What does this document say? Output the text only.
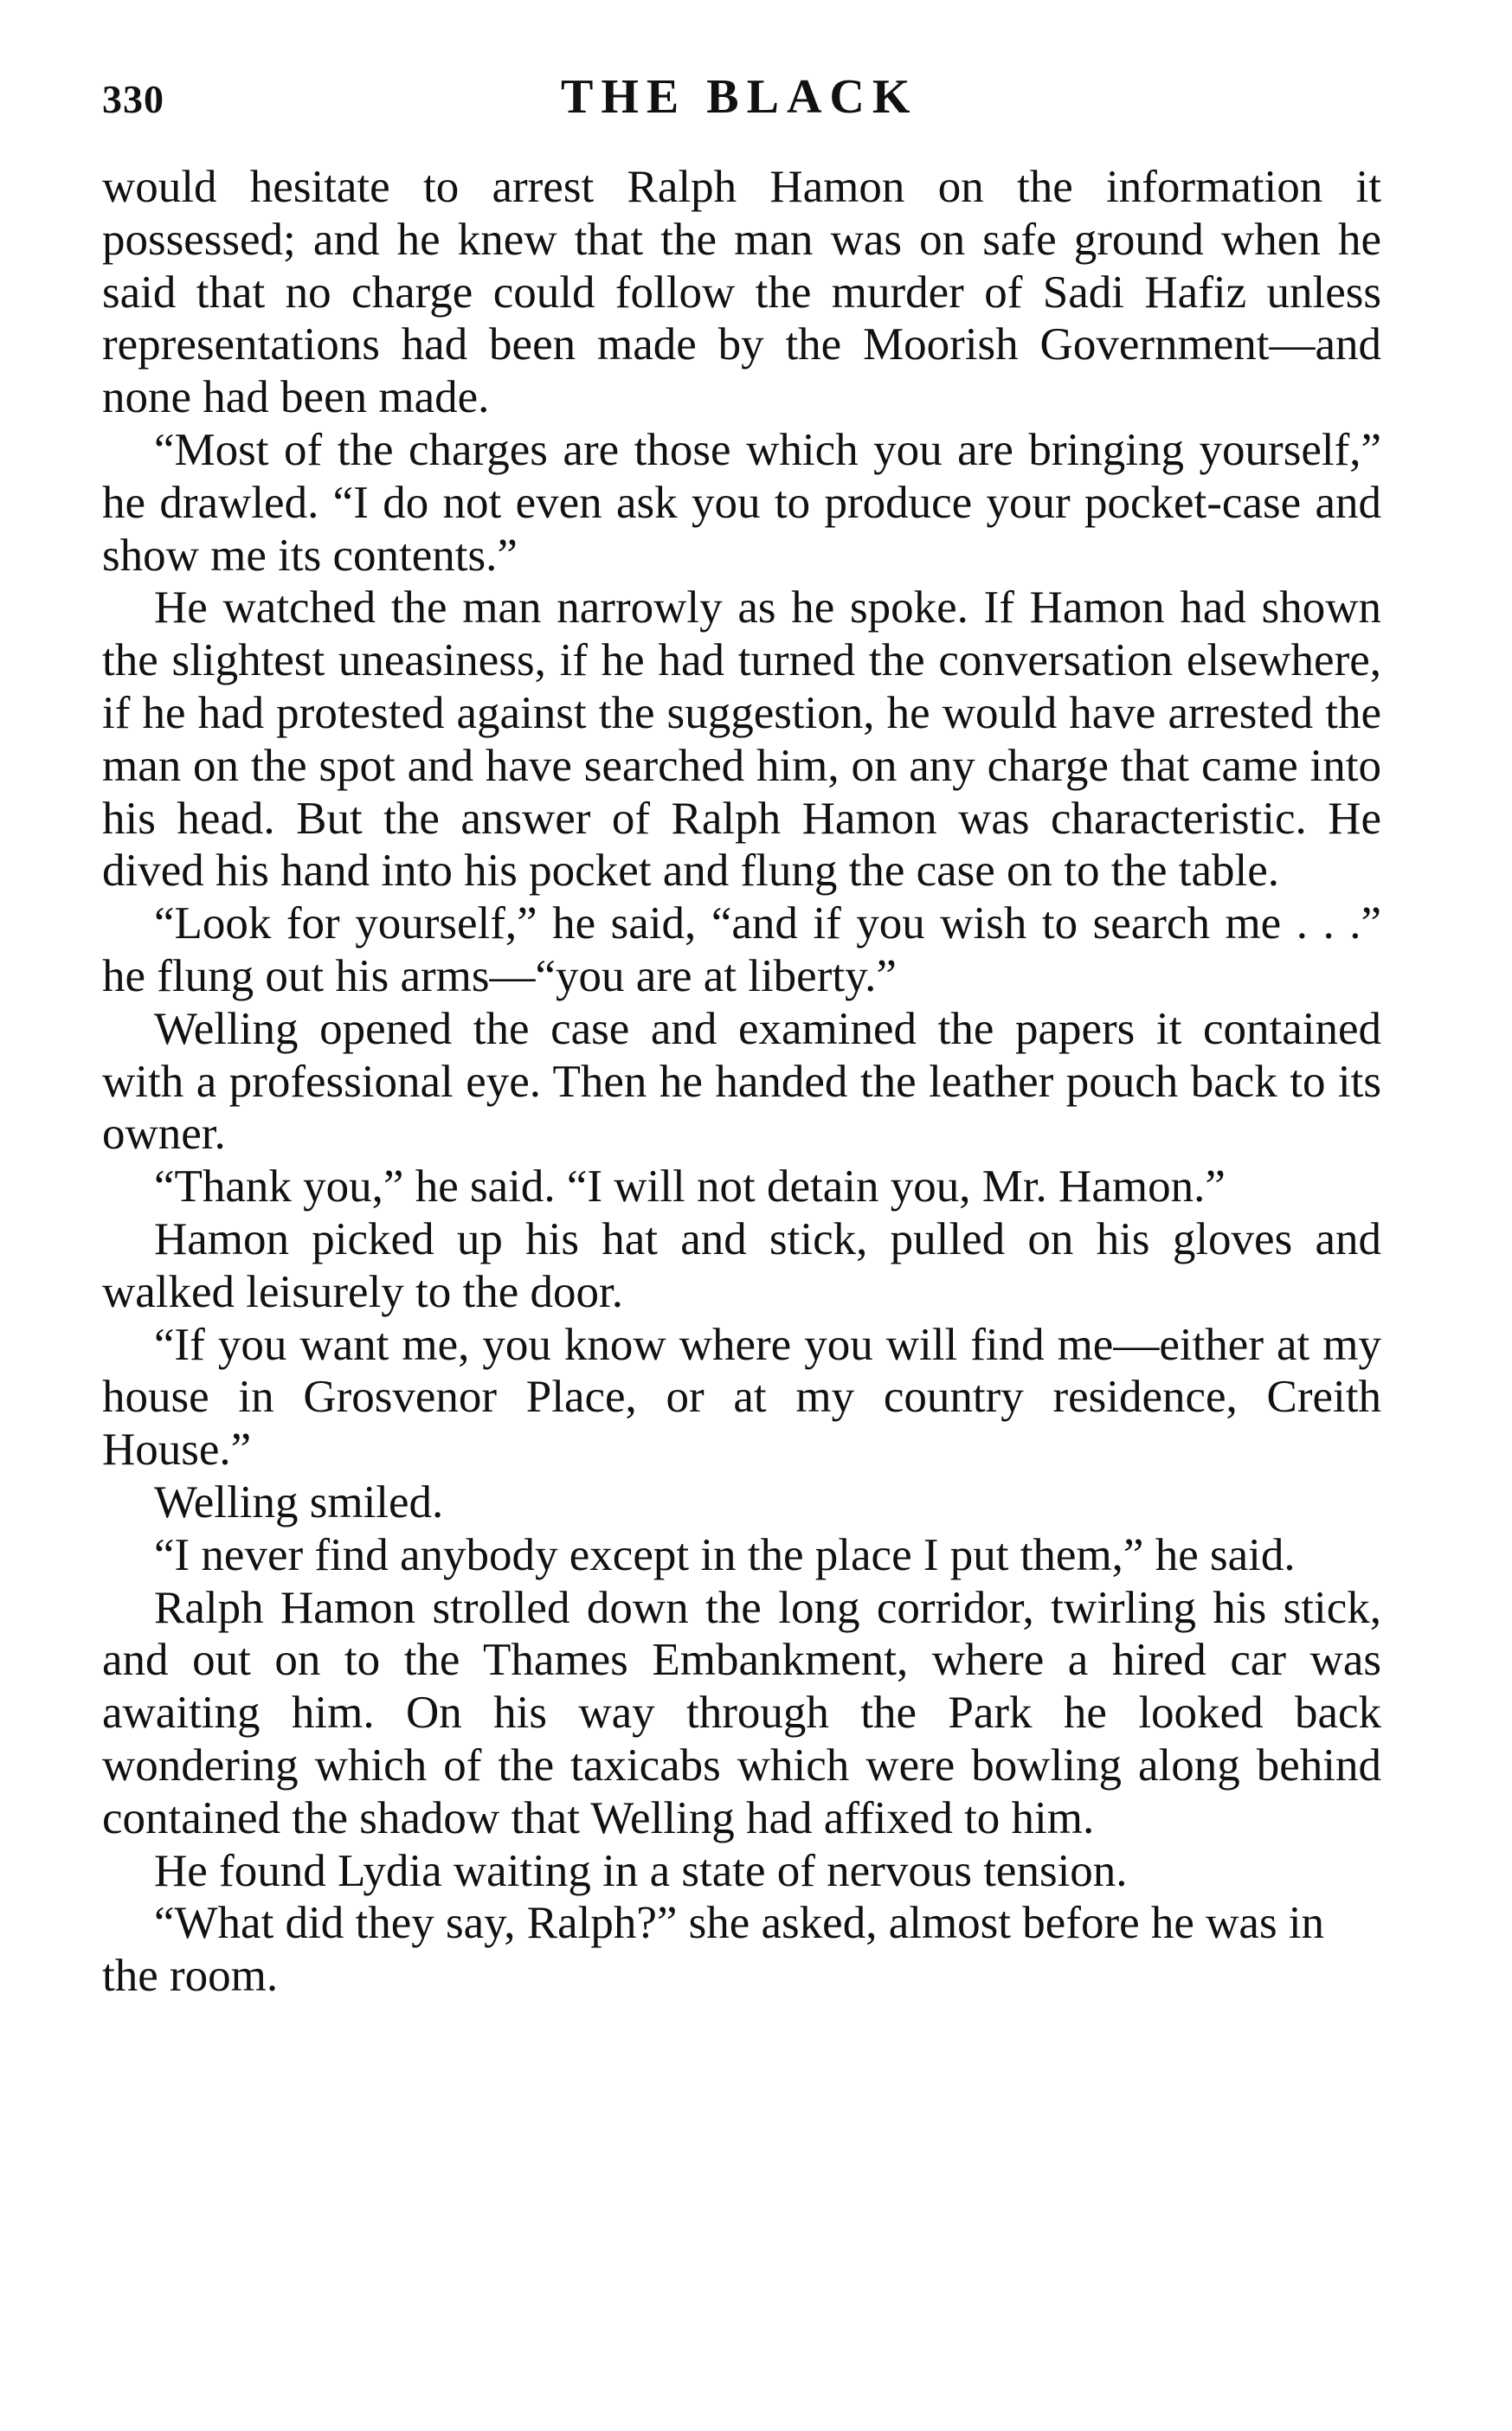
330	THE BLACK

would hesitate to arrest Ralph Hamon on the information it possessed; and he knew that the man was on safe ground when he said that no charge could follow the murder of Sadi Hafiz unless representations had been made by the Moorish Government—and none had been made.

“Most of the charges are those which you are bringing yourself,” he drawled. “I do not even ask you to produce your pocket-case and show me its contents.”

He watched the man narrowly as he spoke. If Hamon had shown the slightest uneasiness, if he had turned the conversation elsewhere, if he had protested against the suggestion, he would have arrested the man on the spot and have searched him, on any charge that came into his head. But the answer of Ralph Hamon was characteristic. He dived his hand into his pocket and flung the case on to the table.

“Look for yourself,” he said, “and if you wish to search me . . .” he flung out his arms—“you are at liberty.”

Welling opened the case and examined the papers it contained with a professional eye. Then he handed the leather pouch back to its owner.

“Thank you,” he said. “I will not detain you, Mr. Hamon.”

Hamon picked up his hat and stick, pulled on his gloves and walked leisurely to the door.

“If you want me, you know where you will find me—either at my house in Grosvenor Place, or at my country residence, Creith House.”

Welling smiled.

“I never find anybody except in the place I put them,” he said.

Ralph Hamon strolled down the long corridor, twirling his stick, and out on to the Thames Embankment, where a hired car was awaiting him. On his way through the Park he looked back wondering which of the taxicabs which were bowling along behind contained the shadow that Welling had affixed to him.

He found Lydia waiting in a state of nervous tension.

“What did they say, Ralph?” she asked, almost before he was in the room.
